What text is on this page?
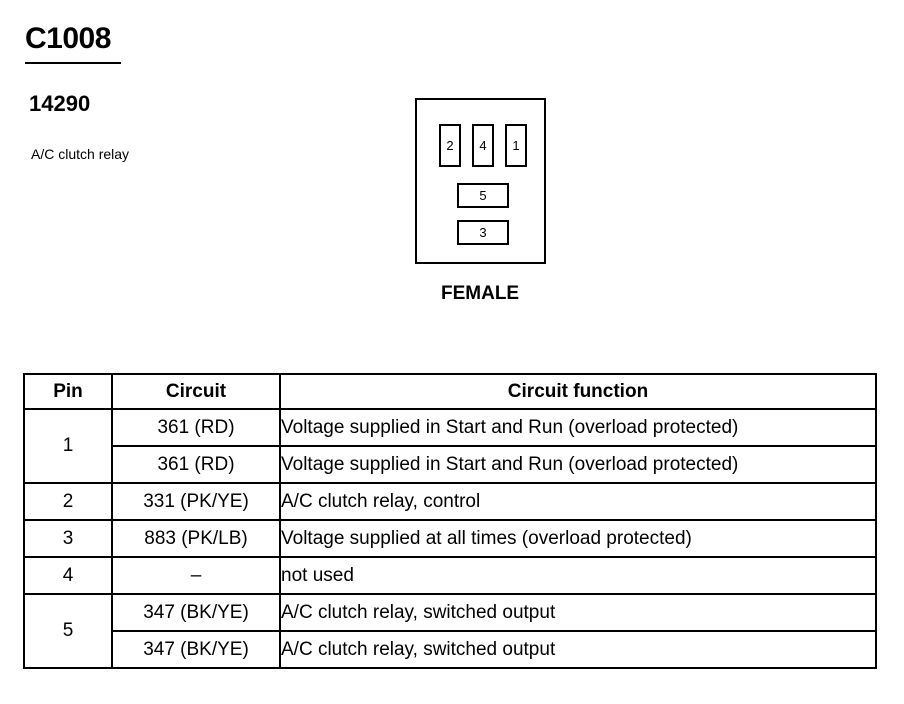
C1008
14290
A/C clutch relay
2	4	1
5
3
FEMALE
Pin	Circuit	Circuit function
1	361 (RD)	Voltage supplied in Start and Run (overload protected)
	361 (RD)	Voltage supplied in Start and Run (overload protected)
2	331 (PK/YE)	A/C clutch relay, control
3	883 (PK/LB)	Voltage supplied at all times (overload protected)
4	–	not used
5	347 (BK/YE)	A/C clutch relay, switched output
	347 (BK/YE)	A/C clutch relay, switched output
